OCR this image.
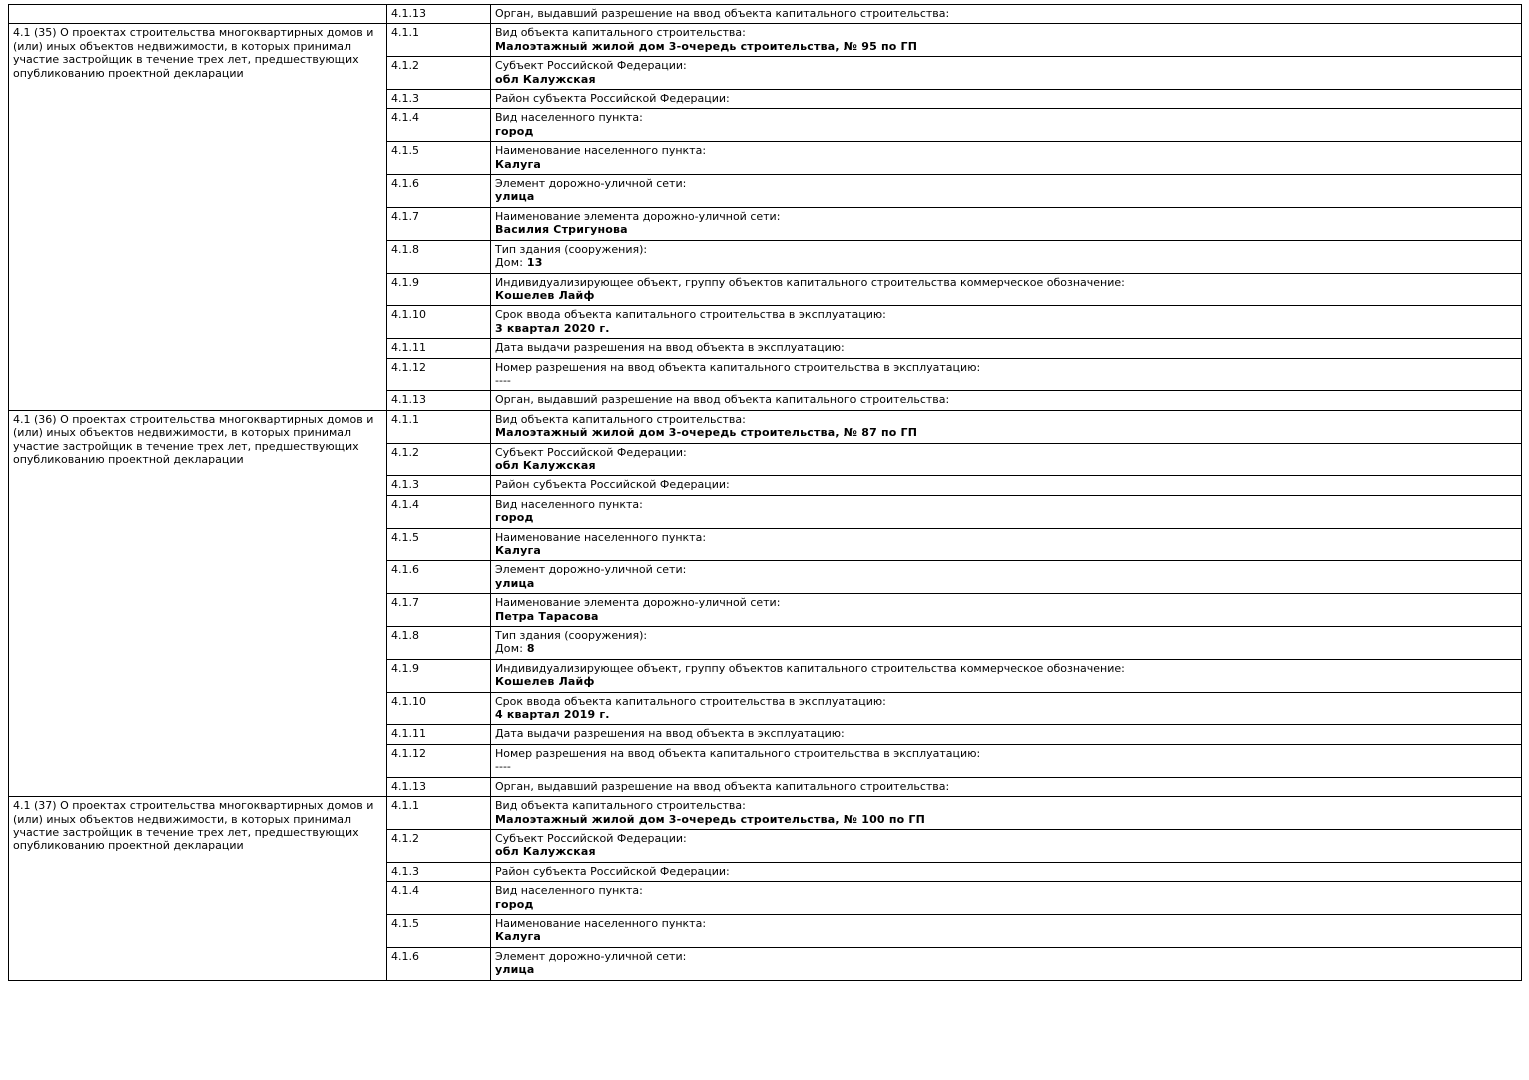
	4.1.13	Орган, выдавший разрешение на ввод объекта капитального строительства:

4.1 (35) О проектах строительства многоквартирных домов и (или) иных объектов недвижимости, в которых принимал участие застройщик в течение трех лет, предшествующих опубликованию проектной декларации	4.1.1	Вид объекта капитального строительства:
Малоэтажный жилой дом 3-очередь строительства, № 95 по ГП

	4.1.2	Субъект Российской Федерации:
обл Калужская

	4.1.3	Район субъекта Российской Федерации:

	4.1.4	Вид населенного пункта:
город

	4.1.5	Наименование населенного пункта:
Калуга

	4.1.6	Элемент дорожно-уличной сети:
улица

	4.1.7	Наименование элемента дорожно-уличной сети:
Василия Стригунова

	4.1.8	Тип здания (сооружения):
Дом: 13

	4.1.9	Индивидуализирующее объект, группу объектов капитального строительства коммерческое обозначение:
Кошелев Лайф

	4.1.10	Срок ввода объекта капитального строительства в эксплуатацию:
3 квартал 2020 г.

	4.1.11	Дата выдачи разрешения на ввод объекта в эксплуатацию:

	4.1.12	Номер разрешения на ввод объекта капитального строительства в эксплуатацию:
----

	4.1.13	Орган, выдавший разрешение на ввод объекта капитального строительства:

4.1 (36) О проектах строительства многоквартирных домов и (или) иных объектов недвижимости, в которых принимал участие застройщик в течение трех лет, предшествующих опубликованию проектной декларации	4.1.1	Вид объекта капитального строительства:
Малоэтажный жилой дом 3-очередь строительства, № 87 по ГП

	4.1.2	Субъект Российской Федерации:
обл Калужская

	4.1.3	Район субъекта Российской Федерации:

	4.1.4	Вид населенного пункта:
город

	4.1.5	Наименование населенного пункта:
Калуга

	4.1.6	Элемент дорожно-уличной сети:
улица

	4.1.7	Наименование элемента дорожно-уличной сети:
Петра Тарасова

	4.1.8	Тип здания (сооружения):
Дом: 8

	4.1.9	Индивидуализирующее объект, группу объектов капитального строительства коммерческое обозначение:
Кошелев Лайф

	4.1.10	Срок ввода объекта капитального строительства в эксплуатацию:
4 квартал 2019 г.

	4.1.11	Дата выдачи разрешения на ввод объекта в эксплуатацию:

	4.1.12	Номер разрешения на ввод объекта капитального строительства в эксплуатацию:
----

	4.1.13	Орган, выдавший разрешение на ввод объекта капитального строительства:

4.1 (37) О проектах строительства многоквартирных домов и (или) иных объектов недвижимости, в которых принимал участие застройщик в течение трех лет, предшествующих опубликованию проектной декларации	4.1.1	Вид объекта капитального строительства:
Малоэтажный жилой дом 3-очередь строительства, № 100 по ГП

	4.1.2	Субъект Российской Федерации:
обл Калужская

	4.1.3	Район субъекта Российской Федерации:

	4.1.4	Вид населенного пункта:
город

	4.1.5	Наименование населенного пункта:
Калуга

	4.1.6	Элемент дорожно-уличной сети:
улица
